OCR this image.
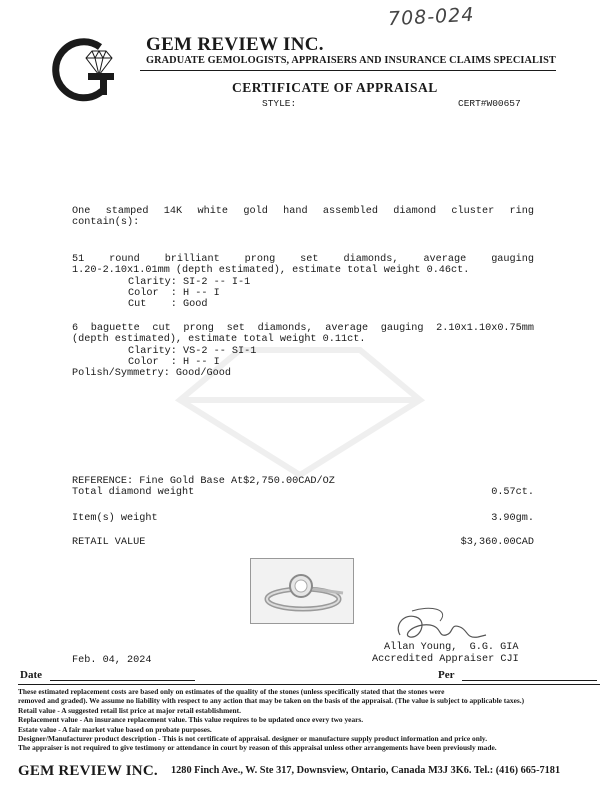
708-024
GEM REVIEW INC.
GRADUATE GEMOLOGISTS, APPRAISERS AND INSURANCE CLAIMS SPECIALIST
CERTIFICATE OF APPRAISAL
STYLE:	CERT#W00657
One stamped 14K white gold hand assembled diamond cluster ring
contain(s):
51 round brilliant prong set diamonds, average gauging
1.20-2.10x1.01mm (depth estimated), estimate total weight 0.46ct.
Clarity: SI-2 -- I-1
Color  : H -- I
Cut    : Good
6 baguette cut prong set diamonds, average gauging 2.10x1.10x0.75mm
(depth estimated), estimate total weight 0.11ct.
Clarity: VS-2 -- SI-1
Color  : H -- I
Polish/Symmetry: Good/Good
REFERENCE: Fine Gold Base At$2,750.00CAD/OZ
Total diamond weight	0.57ct.
Item(s) weight	3.90gm.
RETAIL VALUE	$3,360.00CAD
Allan Young,  G.G. GIA
Accredited Appraiser CJI
Feb. 04, 2024
Date	Per
These estimated replacement costs are based only on estimates of the quality of the stones (unless specifically stated that the stones were
removed and graded). We assume no liability with respect to any action that may be taken on the basis of the appraisal. (The value is subject to applicable taxes.)
Retail value - A suggested retail list price at major retail establishment.
Replacement value - An insurance replacement value. This value requires to be updated once every two years.
Estate value - A fair market value based on probate purposes.
Designer/Manufacturer product description - This is not certificate of appraisal. designer or manufacture supply product information and price only.
The appraiser is not required to give testimony or attendance in court by reason of this appraisal unless other arrangements have been previously made.
GEM REVIEW INC. 1280 Finch Ave., W. Ste 317, Downsview, Ontario, Canada M3J 3K6. Tel.: (416) 665-7181
